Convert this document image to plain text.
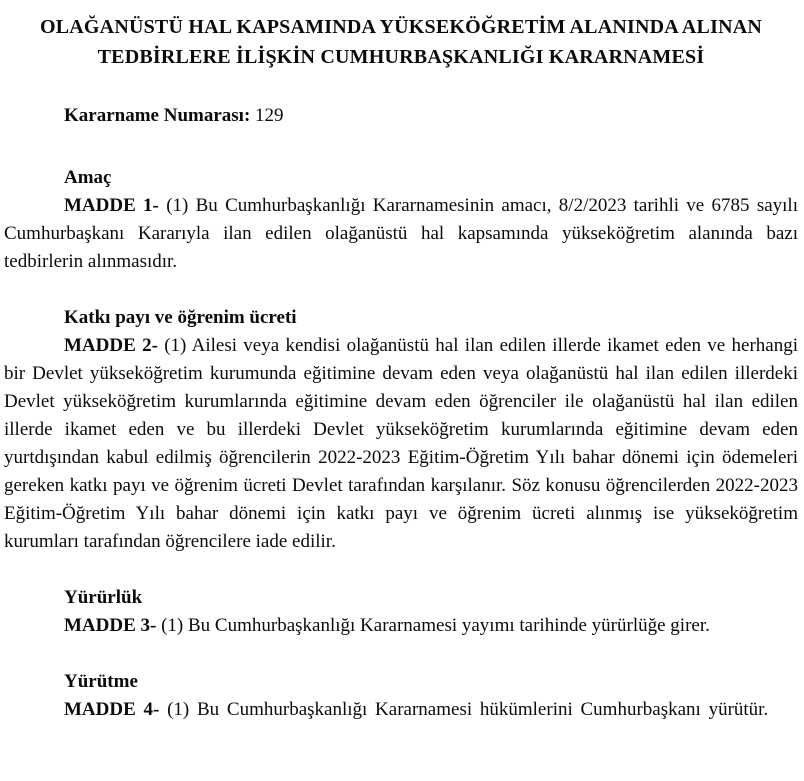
OLAĞANÜSTÜ HAL KAPSAMINDA YÜKSEKÖĞRETİM ALANINDA ALINAN
TEDBİRLERE İLİŞKİN CUMHURBAŞKANLIĞI KARARNAMESİ
Kararname Numarası: 129
Amaç

MADDE 1- (1) Bu Cumhurbaşkanlığı Kararnamesinin amacı, 8/2/2023 tarihli ve 6785 sayılı Cumhurbaşkanı Kararıyla ilan edilen olağanüstü hal kapsamında yükseköğretim alanında bazı tedbirlerin alınmasıdır.

Katkı payı ve öğrenim ücreti

MADDE 2- (1) Ailesi veya kendisi olağanüstü hal ilan edilen illerde ikamet eden ve herhangi bir Devlet yükseköğretim kurumunda eğitimine devam eden veya olağanüstü hal ilan edilen illerdeki Devlet yükseköğretim kurumlarında eğitimine devam eden öğrenciler ile olağanüstü hal ilan edilen illerde ikamet eden ve bu illerdeki Devlet yükseköğretim kurumlarında eğitimine devam eden yurtdışından kabul edilmiş öğrencilerin 2022-2023 Eğitim-Öğretim Yılı bahar dönemi için ödemeleri gereken katkı payı ve öğrenim ücreti Devlet tarafından karşılanır. Söz konusu öğrencilerden 2022-2023 Eğitim-Öğretim Yılı bahar dönemi için katkı payı ve öğrenim ücreti alınmış ise yükseköğretim kurumları tarafından öğrencilere iade edilir.

Yürürlük

MADDE 3- (1) Bu Cumhurbaşkanlığı Kararnamesi yayımı tarihinde yürürlüğe girer.

Yürütme

MADDE 4- (1) Bu Cumhurbaşkanlığı Kararnamesi hükümlerini Cumhurbaşkanı yürütür.
